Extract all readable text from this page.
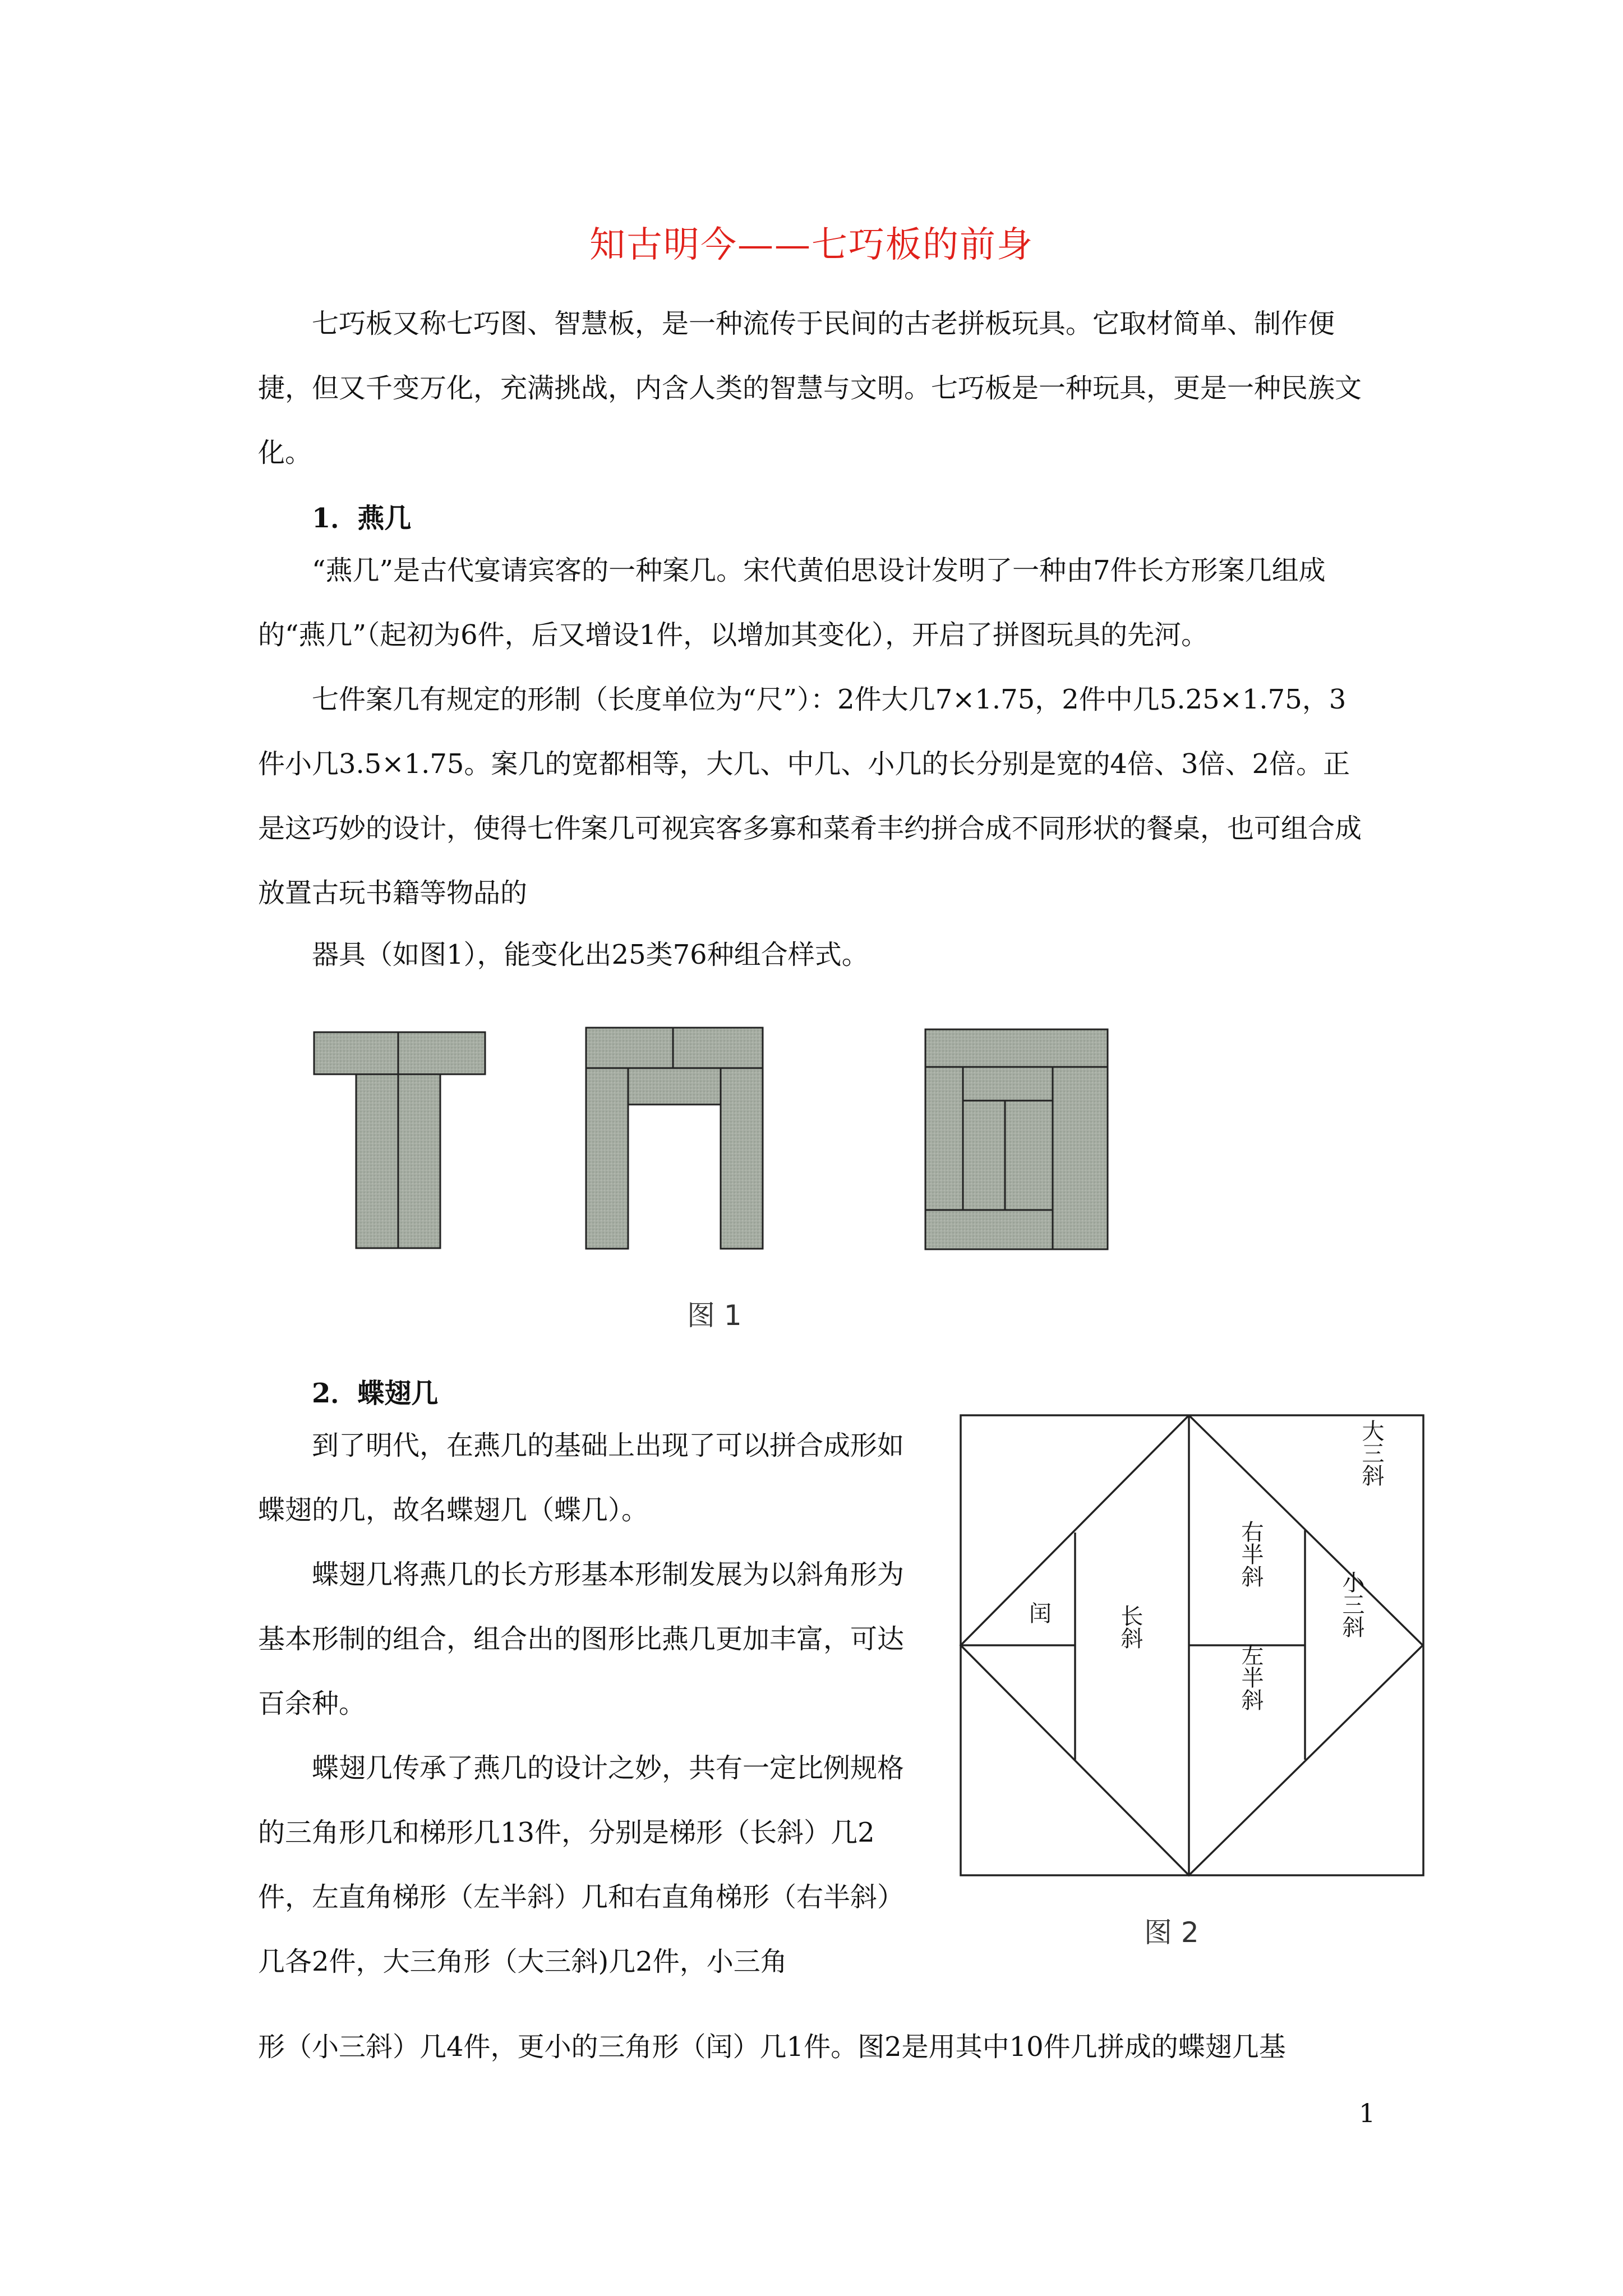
知古明今——七巧板的前身

七巧板又称七巧图、智慧板，是一种流传于民间的古老拼板玩具。它取材简单、制作便捷，但又千变万化，充满挑战，内含人类的智慧与文明。七巧板是一种玩具，更是一种民族文化。

1．燕几

“燕几”是古代宴请宾客的一种案几。宋代黄伯思设计发明了一种由7件长方形案几组成的“燕几”（起初为6件，后又增设1件，以增加其变化），开启了拼图玩具的先河。

七件案几有规定的形制（长度单位为“尺”）：2件大几7×1.75，2件中几5.25×1.75，3件小几3.5×1.75。案几的宽都相等，大几、中几、小几的长分别是宽的4倍、3倍、2倍。正是这巧妙的设计，使得七件案几可视宾客多寡和菜肴丰约拼合成不同形状的餐桌，也可组合成放置古玩书籍等物品的

器具（如图1），能变化出25类76种组合样式。

图 1

2．蝶翅几

到了明代，在燕几的基础上出现了可以拼合成形如蝶翅的几，故名蝶翅几（蝶几）。

蝶翅几将燕几的长方形基本形制发展为以斜角形为基本形制的组合，组合出的图形比燕几更加丰富，可达百余种。

蝶翅几传承了燕几的设计之妙，共有一定比例规格的三角形几和梯形几13件，分别是梯形（长斜）几2件，左直角梯形（左半斜）几和右直角梯形（右半斜）几各2件，大三角形（大三斜)几2件，小三角

形（小三斜）几4件，更小的三角形（闰）几1件。图2是用其中10件几拼成的蝶翅几基

大三斜
闰	长斜
右半斜
左半斜
小三斜
图 2
1
